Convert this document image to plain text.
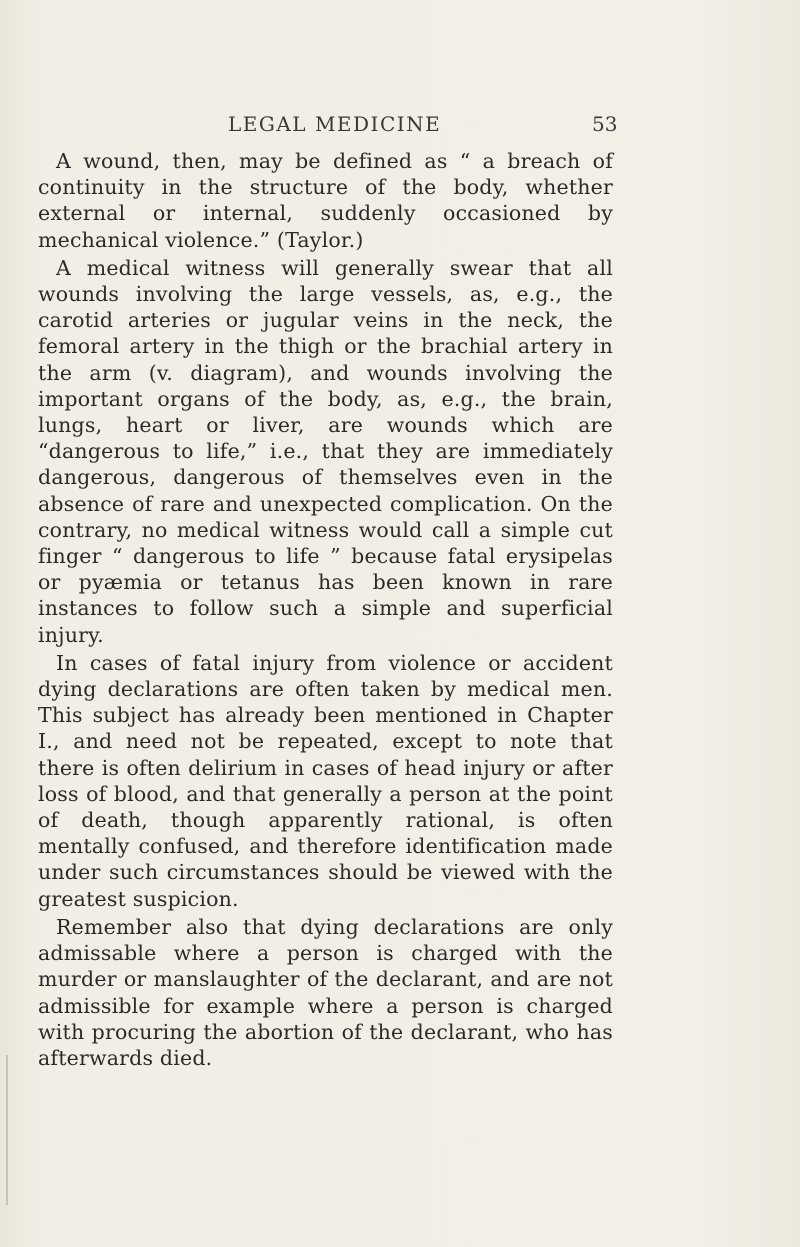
LEGAL MEDICINE	53

A wound, then, may be defined as “ a breach of continuity in the structure of the body, whether external or internal, suddenly occasioned by mechanical violence.” (Taylor.)

A medical witness will generally swear that all wounds involving the large vessels, as, e.g., the carotid arteries or jugular veins in the neck, the femoral artery in the thigh or the brachial artery in the arm (v. diagram), and wounds involving the important organs of the body, as, e.g., the brain, lungs, heart or liver, are wounds which are “dangerous to life,” i.e., that they are immediately dangerous, dangerous of themselves even in the absence of rare and unexpected complication. On the contrary, no medical witness would call a simple cut finger “ dangerous to life ” because fatal erysipelas or pyæmia or tetanus has been known in rare instances to follow such a simple and superficial injury.

In cases of fatal injury from violence or accident dying declarations are often taken by medical men. This subject has already been mentioned in Chapter I., and need not be repeated, except to note that there is often delirium in cases of head injury or after loss of blood, and that generally a person at the point of death, though apparently rational, is often mentally confused, and therefore identification made under such circumstances should be viewed with the greatest suspicion.

Remember also that dying declarations are only admissable where a person is charged with the murder or manslaughter of the declarant, and are not admissible for example where a person is charged with procuring the abortion of the declarant, who has afterwards died.
